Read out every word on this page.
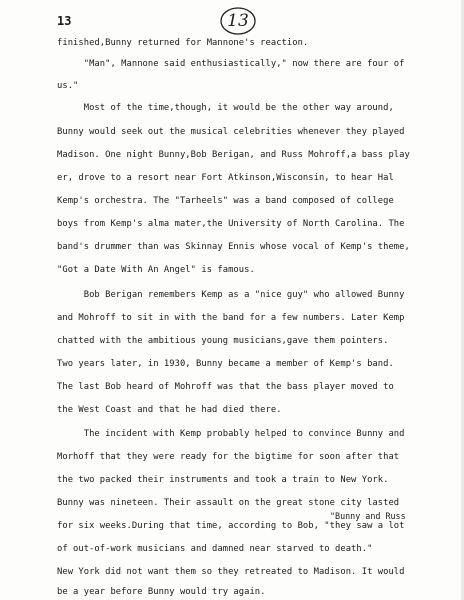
13	13
finished,Bunny returned for Mannone's reaction.
"Man", Mannone said enthusiastically," now there are four of
us."
Most of the time,though, it would be the other way around,
Bunny would seek out the musical celebrities whenever they played
Madison. One night Bunny,Bob Berigan, and Russ Mohroff,a bass play
er, drove to a resort near Fort Atkinson,Wisconsin, to hear Hal
Kemp's orchestra. The "Tarheels" was a band composed of college
boys from Kemp's alma mater,the University of North Carolina. The
band's drummer than was Skinnay Ennis whose vocal of Kemp's theme,
"Got a Date With An Angel" is famous.
Bob Berigan remembers Kemp as a "nice guy" who allowed Bunny
and Mohroff to sit in with the band for a few numbers. Later Kemp
chatted with the ambitious young musicians,gave them pointers.
Two years later, in 1930, Bunny became a member of Kemp's band.
The last Bob heard of Mohroff was that the bass player moved to
the West Coast and that he had died there.
The incident with Kemp probably helped to convince Bunny and
Morhoff that they were ready for the bigtime for soon after that
the two packed their instruments and took a train to New York.
Bunny was nineteen. Their assault on the great stone city lasted
"Bunny and Russ
for six weeks.During that time, according to Bob, "they saw a lot
of out-of-work musicians and damned near starved to death."
New York did not want them so they retreated to Madison. It would
be a year before Bunny would try again.
